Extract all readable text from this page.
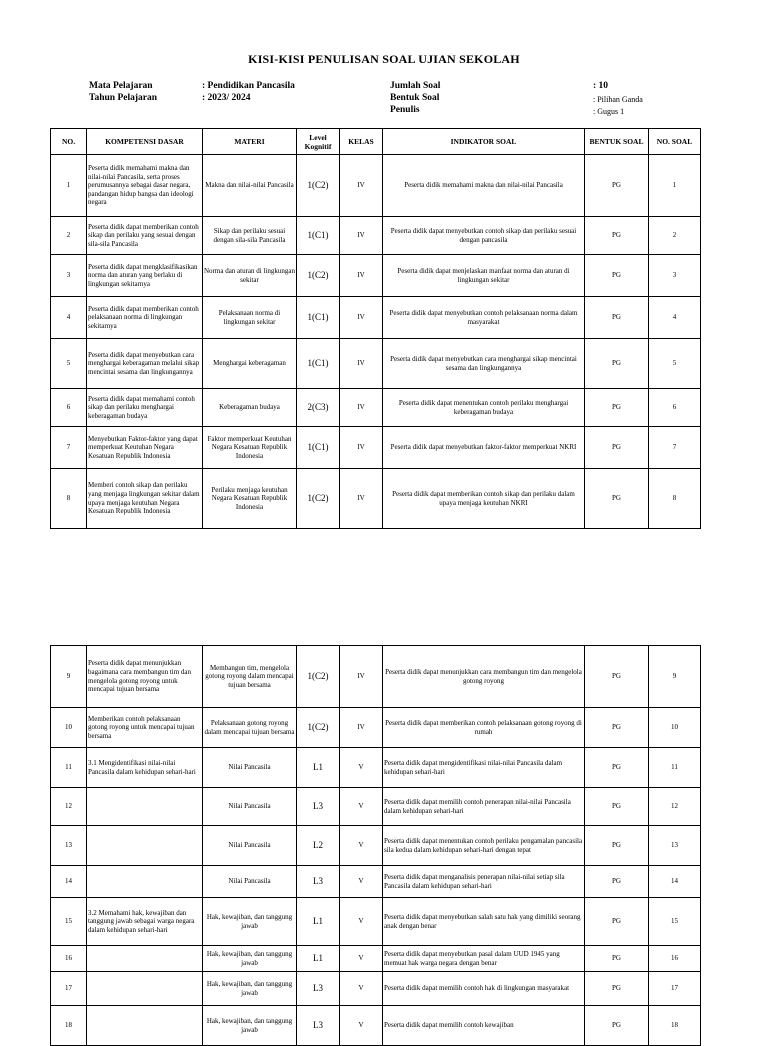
KISI-KISI PENULISAN SOAL UJIAN SEKOLAH
Mata Pelajaran	: Pendidikan Pancasila
Tahun Pelajaran	: 2023/ 2024
Jumlah Soal	: 10
Bentuk Soal	: Pilihan Ganda
Penulis	: Gugus 1
NO.	KOMPETENSI DASAR	MATERI	Level Kognitif	KELAS	INDIKATOR SOAL	BENTUK SOAL	NO. SOAL
1	Peserta didik memahami makna dan nilai-nilai Pancasila, serta proses perumusannya sebagai dasar negara, pandangan hidup bangsa dan ideologi negara	Makna dan nilai-nilai Pancasila	1(C2)	IV	Peserta didik memahami makna dan nilai-nilai Pancasila	PG	1
2	Peserta didik dapat memberikan contoh sikap dan perilaku yang sesuai dengan sila-sila Pancasila	Sikap dan perilaku sesuai dengan sila-sila Pancasila	1(C1)	IV	Peserta didik dapat menyebutkan contoh sikap dan perilaku sesuai dengan pancasila	PG	2
3	Peserta didik dapat mengklasifikasikan norma dan aturan yang berlaku di lingkungan sekitarnya	Norma dan aturan di lingkungan sekitar	1(C2)	IV	Peserta didik dapat menjelaskan manfaat norma dan aturan di lingkungan sekitar	PG	3
4	Peserta didik dapat memberikan contoh pelaksanaan norma di lingkungan sekitarnya	Pelaksanaan norma di lingkungan sekitar	1(C1)	IV	Peserta didik dapat menyebutkan contoh pelaksanaan norma dalam masyarakat	PG	4
5	Peserta didik dapat menyebutkan cara menghargai keberagaman melalui sikap mencintai sesama dan lingkungannya	Menghargai keberagaman	1(C1)	IV	Peserta didik dapat menyebutkan cara menghargai sikap mencintai sesama dan lingkungannya	PG	5
6	Peserta didik dapat memahami contoh sikap dan perilaku menghargai keberagaman budaya	Keberagaman budaya	2(C3)	IV	Peserta didik dapat menentukan contoh perilaku menghargai keberagaman budaya	PG	6
7	Menyebutkan Faktor-faktor yang dapat memperkuat Keutuhan Negara Kesatuan Republik Indonesia	Faktor memperkuat Keutuhan Negara Kesatuan Republik Indonesia	1(C1)	IV	Peserta didik dapat menyebutkan faktor-faktor memperkuat NKRI	PG	7
8	Memberi contoh sikap dan perilaku yang menjaga lingkungan sekitar dalam upaya menjaga keutuhan Negara Kesatuan Republik Indonesia	Perilaku menjaga keutuhan Negara Kesatuan Republik Indonesia	1(C2)	IV	Peserta didik dapat memberikan contoh sikap dan perilaku dalam upaya menjaga keutuhan NKRI	PG	8
9	Peserta didik dapat menunjukkan bagaimana cara membangun tim dan mengelola gotong royong untuk mencapai tujuan bersama	Membangun tim, mengelola gotong royong dalam mencapai tujuan bersama	1(C2)	IV	Peserta didik dapat menunjukkan cara membangun tim dan mengelola gotong royong	PG	9
10	Memberikan contoh pelaksanaan gotong royong untuk mencapai tujuan bersama	Pelaksanaan gotong royong dalam mencapai tujuan bersama	1(C2)	IV	Peserta didik dapat memberikan contoh pelaksanaan gotong royong di rumah	PG	10
11	3.1 Mengidentifikasi nilai-nilai Pancasila dalam kehidupan sehari-hari	Nilai Pancasila	L1	V	Peserta didik dapat mengidentifikasi nilai-nilai Pancasila dalam kehidupan sehari-hari	PG	11
12		Nilai Pancasila	L3	V	Peserta didik dapat memilih contoh penerapan nilai-nilai Pancasila dalam kehidupan sehari-hari	PG	12
13		Nilai Pancasila	L2	V	Peserta didik dapat menentukan contoh perilaku pengamalan pancasila sila kedua dalam kehidupan sehari-hari dengan tepat	PG	13
14		Nilai Pancasila	L3	V	Peserta didik dapat menganalisis penerapan nilai-nilai setiap sila Pancasila dalam kehidupan sehari-hari	PG	14
15	3.2 Memahami hak, kewajiban dan tanggung jawab sebagai warga negara dalam kehidupan sehari-hari	Hak, kewajiban, dan tanggung jawab	L1	V	Peserta didik dapat menyebutkan salah satu hak yang dimiliki seorang anak dengan benar	PG	15
16		Hak, kewajiban, dan tanggung jawab	L1	V	Peserta didik dapat menyebutkan pasal dalam UUD 1945 yang memuat hak warga negara dengan benar	PG	16
17		Hak, kewajiban, dan tanggung jawab	L3	V	Peserta didik dapat memilih contoh hak di lingkungan masyarakat	PG	17
18		Hak, kewajiban, dan tanggung jawab	L3	V	Peserta didik dapat memilih contoh kewajiban	PG	18
